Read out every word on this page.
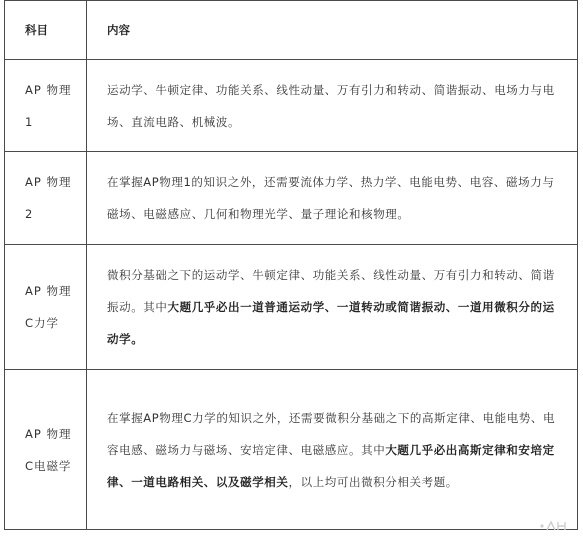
科目	内容
AP 物理1	运动学、牛顿定律、功能关系、线性动量、万有引力和转动、简谐振动、电场力与电场、直流电路、机械波。
AP 物理2	在掌握AP物理1的知识之外，还需要流体力学、热力学、电能电势、电容、磁场力与磁场、电磁感应、几何和物理光学、量子理论和核物理。
AP 物理C力学	微积分基础之下的运动学、牛顿定律、功能关系、线性动量、万有引力和转动、简谐振动。其中大题几乎必出一道普通运动学、一道转动或简谐振动、一道用微积分的运动学。
AP 物理C电磁学	在掌握AP物理C力学的知识之外，还需要微积分基础之下的高斯定律、电能电势、电容电感、磁场力与磁场、安培定律、电磁感应。其中大题几乎必出高斯定律和安培定律、一道电路相关、以及磁学相关，以上均可出微积分相关考题。
